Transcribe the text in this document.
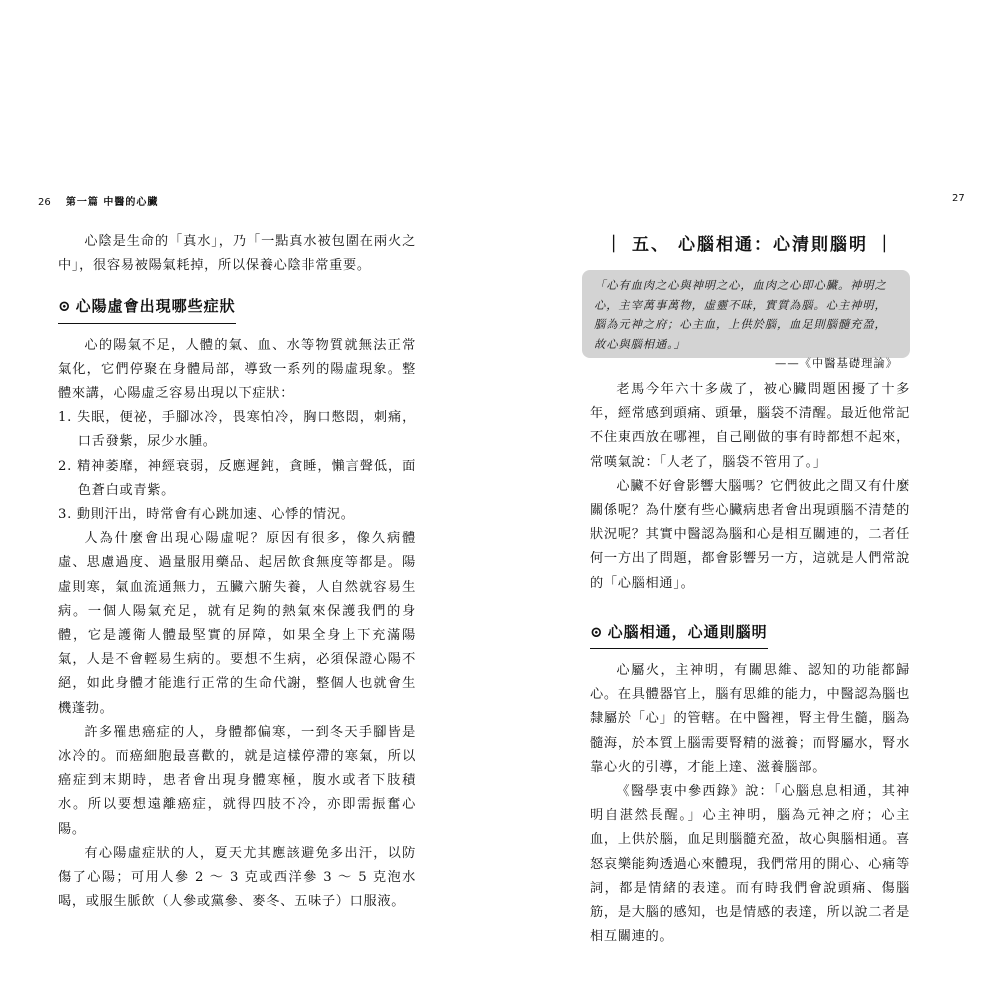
26 第一篇 中醫的心臟

心陰是生命的「真水」，乃「一點真水被包圍在兩火之中」，很容易被陽氣耗掉，所以保養心陰非常重要。

⊙ 心陽虛會出現哪些症狀

心的陽氣不足，人體的氣、血、水等物質就無法正常氣化，它們停聚在身體局部，導致一系列的陽虛現象。整體來講，心陽虛乏容易出現以下症狀：

1. 失眠，便祕，手腳冰冷，畏寒怕冷，胸口憋悶，刺痛，口舌發紫，尿少水腫。

2. 精神萎靡，神經衰弱，反應遲鈍，貪睡，懶言聲低，面色蒼白或青紫。

3. 動則汗出，時常會有心跳加速、心悸的情況。

人為什麼會出現心陽虛呢？原因有很多，像久病體虛、思慮過度、過量服用藥品、起居飲食無度等都是。陽虛則寒，氣血流通無力，五臟六腑失養，人自然就容易生病。一個人陽氣充足，就有足夠的熱氣來保護我們的身體，它是護衛人體最堅實的屏障，如果全身上下充滿陽氣，人是不會輕易生病的。要想不生病，必須保證心陽不絕，如此身體才能進行正常的生命代謝，整個人也就會生機蓬勃。

許多罹患癌症的人，身體都偏寒，一到冬天手腳皆是冰冷的。而癌細胞最喜歡的，就是這樣停滯的寒氣，所以癌症到末期時，患者會出現身體寒極，腹水或者下肢積水。所以要想遠離癌症，就得四肢不冷，亦即需振奮心陽。

有心陽虛症狀的人，夏天尤其應該避免多出汗，以防傷了心陽；可用人參 2 ～ 3 克或西洋參 3 ～ 5 克泡水喝，或服生脈飲（人參或黨參、麥冬、五味子）口服液。

27
｜ 五、 心腦相通：心清則腦明 ｜

「心有血肉之心與神明之心，血肉之心即心臟。神明之心，主宰萬事萬物，虛靈不昧，實質為腦。心主神明，腦為元神之府；心主血，上供於腦，血足則腦髓充盈，故心與腦相通。」

——《中醫基礎理論》

老馬今年六十多歲了，被心臟問題困擾了十多年，經常感到頭痛、頭暈，腦袋不清醒。最近他常記不住東西放在哪裡，自己剛做的事有時都想不起來，常嘆氣說：「人老了，腦袋不管用了。」

心臟不好會影響大腦嗎？它們彼此之間又有什麼關係呢？為什麼有些心臟病患者會出現頭腦不清楚的狀況呢？其實中醫認為腦和心是相互關連的，二者任何一方出了問題，都會影響另一方，這就是人們常說的「心腦相通」。

⊙ 心腦相通，心通則腦明

心屬火，主神明，有關思維、認知的功能都歸心。在具體器官上，腦有思維的能力，中醫認為腦也隸屬於「心」的管轄。在中醫裡，腎主骨生髓，腦為髓海，於本質上腦需要腎精的滋養；而腎屬水，腎水靠心火的引導，才能上達、滋養腦部。

《醫學衷中參西錄》說：「心腦息息相通，其神明自湛然長醒。」心主神明，腦為元神之府；心主血，上供於腦，血足則腦髓充盈，故心與腦相通。喜怒哀樂能夠透過心來體現，我們常用的開心、心痛等詞，都是情緒的表達。而有時我們會說頭痛、傷腦筋，是大腦的感知，也是情感的表達，所以說二者是相互關連的。
